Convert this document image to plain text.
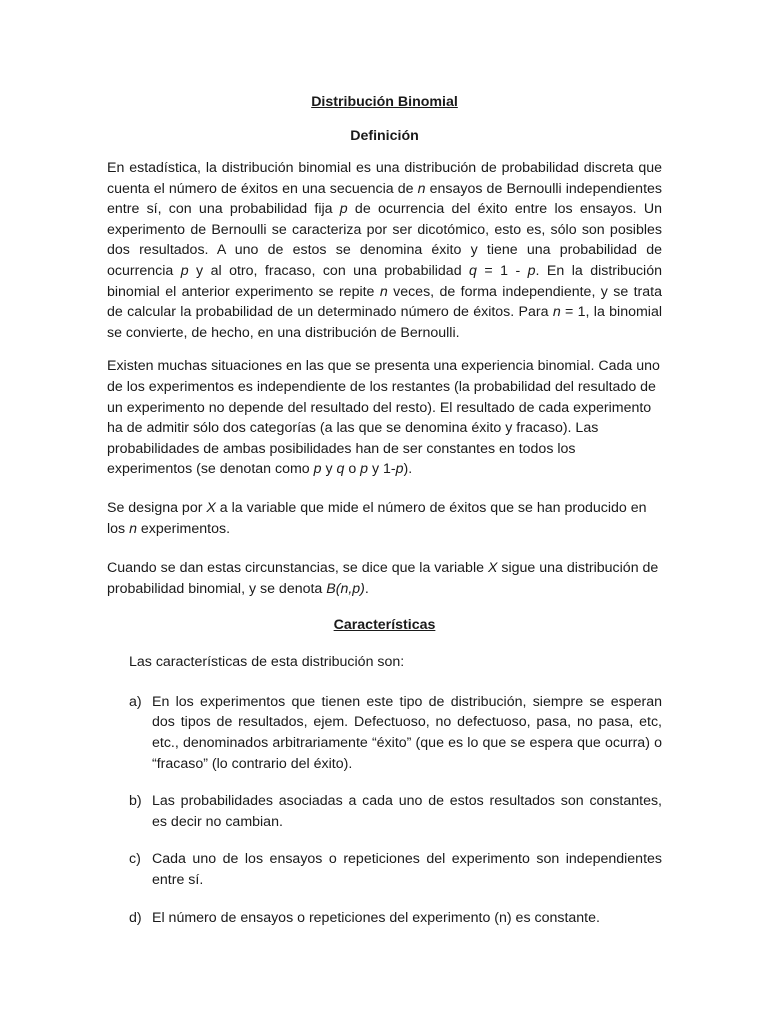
Distribución Binomial
Definición

En estadística, la distribución binomial es una distribución de probabilidad discreta que cuenta el número de éxitos en una secuencia de n ensayos de Bernoulli independientes entre sí, con una probabilidad fija p de ocurrencia del éxito entre los ensayos. Un experimento de Bernoulli se caracteriza por ser dicotómico, esto es, sólo son posibles dos resultados. A uno de estos se denomina éxito y tiene una probabilidad de ocurrencia p y al otro, fracaso, con una probabilidad q = 1 - p. En la distribución binomial el anterior experimento se repite n veces, de forma independiente, y se trata de calcular la probabilidad de un determinado número de éxitos. Para n = 1, la binomial se convierte, de hecho, en una distribución de Bernoulli.

Existen muchas situaciones en las que se presenta una experiencia binomial. Cada uno de los experimentos es independiente de los restantes (la probabilidad del resultado de un experimento no depende del resultado del resto). El resultado de cada experimento ha de admitir sólo dos categorías (a las que se denomina éxito y fracaso). Las probabilidades de ambas posibilidades han de ser constantes en todos los experimentos (se denotan como p y q o p y 1-p).

Se designa por X a la variable que mide el número de éxitos que se han producido en los n experimentos.

Cuando se dan estas circunstancias, se dice que la variable X sigue una distribución de probabilidad binomial, y se denota B(n,p).

Características

Las características de esta distribución son:

a) En los experimentos que tienen este tipo de distribución, siempre se esperan dos tipos de resultados, ejem. Defectuoso, no defectuoso, pasa, no pasa, etc, etc., denominados arbitrariamente “éxito” (que es lo que se espera que ocurra) o “fracaso” (lo contrario del éxito).
b) Las probabilidades asociadas a cada uno de estos resultados son constantes, es decir no cambian.
c) Cada uno de los ensayos o repeticiones del experimento son independientes entre sí.
d) El número de ensayos o repeticiones del experimento (n) es constante.
